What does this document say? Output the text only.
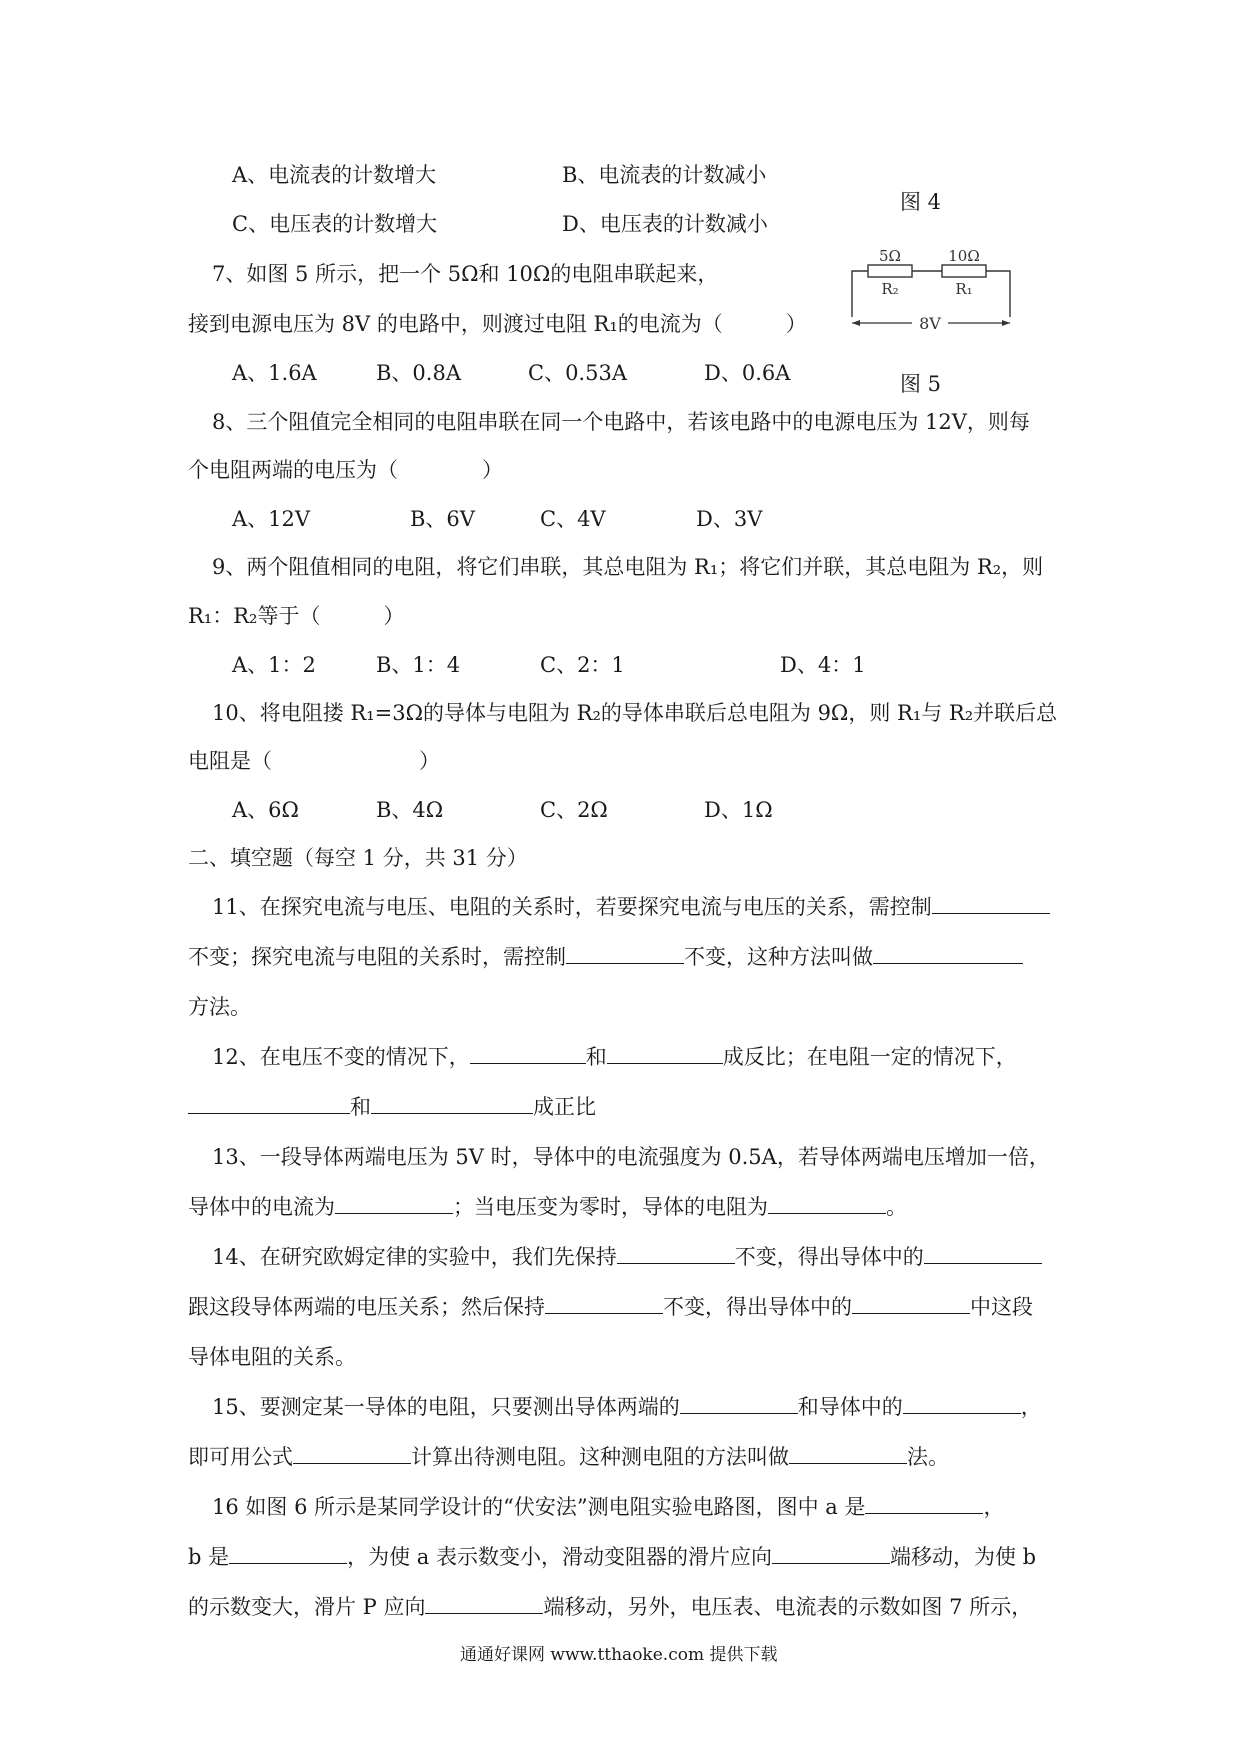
A、电流表的计数增大	B、电流表的计数减小
C、电压表的计数增大	D、电压表的计数减小
图 4
5Ω	10Ω
R₂	R₁
8V
图 5
7、如图 5 所示，把一个 5Ω和 10Ω的电阻串联起来，
接到电源电压为 8V 的电路中，则渡过电阻 R₁的电流为（　　　）
A、1.6A	B、0.8A	C、0.53A	D、0.6A
8、三个阻值完全相同的电阻串联在同一个电路中，若该电路中的电源电压为 12V，则每
个电阻两端的电压为（　　　　）
A、12V	B、6V	C、4V	D、3V
9、两个阻值相同的电阻，将它们串联，其总电阻为 R₁；将它们并联，其总电阻为 R₂，则
R₁：R₂等于（　　　）
A、1：2	B、1：4	C、2：1	D、4：1
10、将电阻搂 R₁=3Ω的导体与电阻为 R₂的导体串联后总电阻为 9Ω，则 R₁与 R₂并联后总
电阻是（　　　　　　　）
A、6Ω	B、4Ω	C、2Ω	D、1Ω
二、填空题（每空 1 分，共 31 分）
11、在探究电流与电压、电阻的关系时，若要探究电流与电压的关系，需控制
不变；探究电流与电阻的关系时，需控制	不变，这种方法叫做
方法。
12、在电压不变的情况下，	和	成反比；在电阻一定的情况下，
和	成正比
13、一段导体两端电压为 5V 时，导体中的电流强度为 0.5A，若导体两端电压增加一倍，
导体中的电流为	；当电压变为零时，导体的电阻为	。
14、在研究欧姆定律的实验中，我们先保持	不变，得出导体中的
跟这段导体两端的电压关系；然后保持	不变，得出导体中的	中这段
导体电阻的关系。
15、要测定某一导体的电阻，只要测出导体两端的	和导体中的	，
即可用公式	计算出待测电阻。这种测电阻的方法叫做	法。
16 如图 6 所示是某同学设计的“伏安法”测电阻实验电路图，图中 a 是	，
b 是	，为使 a 表示数变小，滑动变阻器的滑片应向	端移动，为使 b
的示数变大，滑片 P 应向	端移动，另外，电压表、电流表的示数如图 7 所示，
通通好课网 www.tthaoke.com 提供下载
